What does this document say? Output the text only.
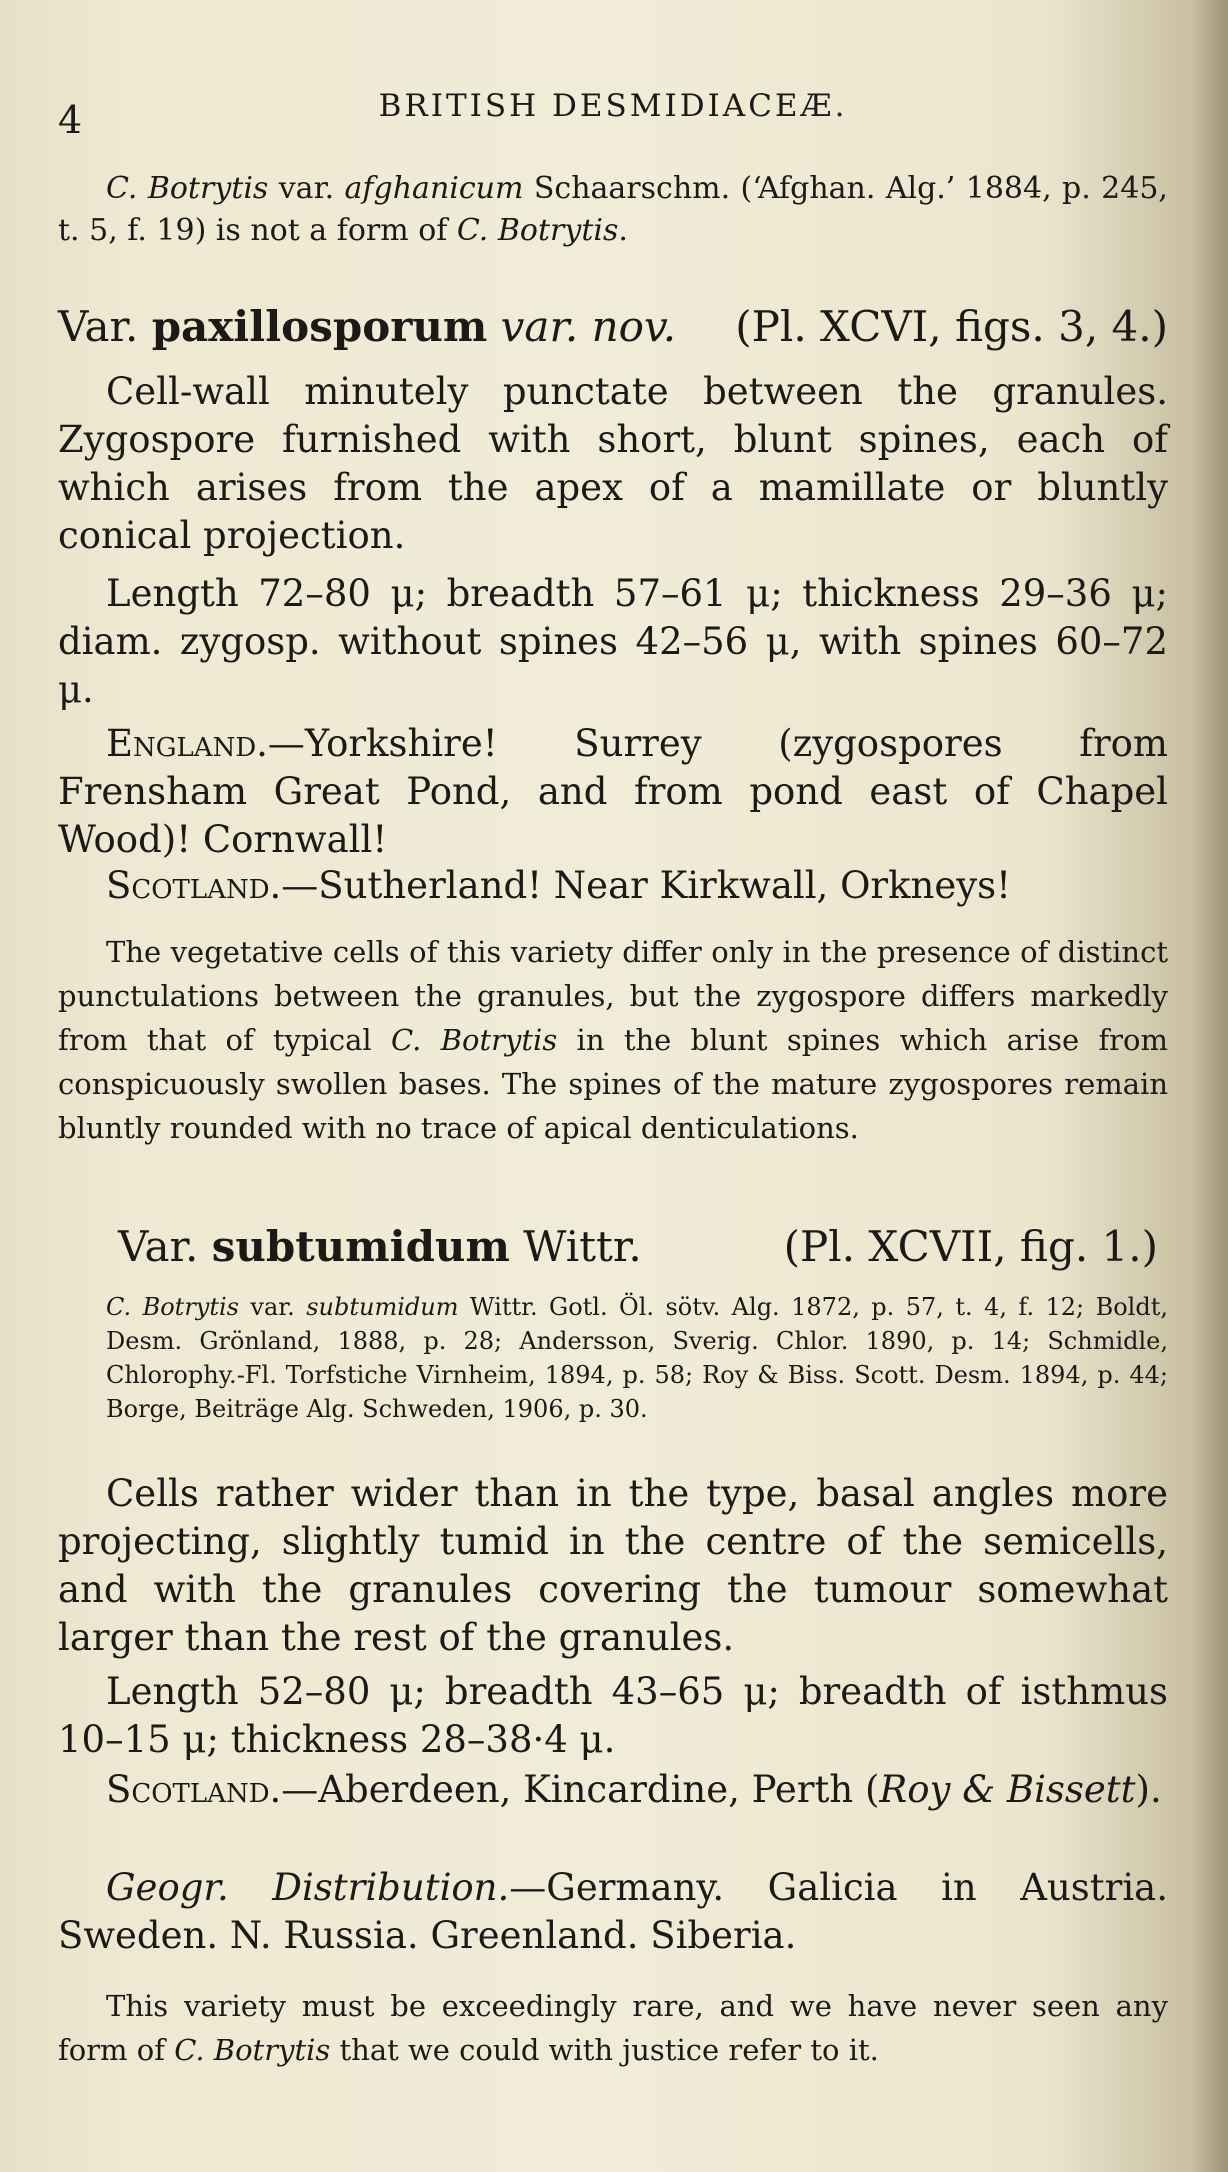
4	BRITISH DESMIDIACEÆ.
C. Botrytis var. afghanicum Schaarschm. (‘Afghan. Alg.’ 1884, p. 245, t. 5, f. 19) is not a form of C. Botrytis.
Var. paxillosporum var. nov. (Pl. XCVI, figs. 3, 4.)
Cell-wall minutely punctate between the granules. Zygospore furnished with short, blunt spines, each of which arises from the apex of a mamillate or bluntly conical projection.
Length 72–80 μ; breadth 57–61 μ; thickness 29–36 μ; diam. zygosp. without spines 42–56 μ, with spines 60–72 μ.
England.—Yorkshire! Surrey (zygospores from Frensham Great Pond, and from pond east of Chapel Wood)! Cornwall!
Scotland.—Sutherland! Near Kirkwall, Orkneys!
The vegetative cells of this variety differ only in the presence of distinct punctulations between the granules, but the zygospore differs markedly from that of typical C. Botrytis in the blunt spines which arise from conspicuously swollen bases. The spines of the mature zygospores remain bluntly rounded with no trace of apical denticulations.
Var. subtumidum Wittr.	(Pl. XCVII, fig. 1.)
C. Botrytis var. subtumidum Wittr. Gotl. Öl. sötv. Alg. 1872, p. 57, t. 4, f. 12; Boldt, Desm. Grönland, 1888, p. 28; Andersson, Sverig. Chlor. 1890, p. 14; Schmidle, Chlorophy.-Fl. Torfstiche Virnheim, 1894, p. 58; Roy & Biss. Scott. Desm. 1894, p. 44; Borge, Beiträge Alg. Schweden, 1906, p. 30.
Cells rather wider than in the type, basal angles more projecting, slightly tumid in the centre of the semicells, and with the granules covering the tumour somewhat larger than the rest of the granules.
Length 52–80 μ; breadth 43–65 μ; breadth of isthmus 10–15 μ; thickness 28–38·4 μ.
Scotland.—Aberdeen, Kincardine, Perth (Roy & Bissett).
Geogr. Distribution.—Germany. Galicia in Austria. Sweden. N. Russia. Greenland. Siberia.
This variety must be exceedingly rare, and we have never seen any form of C. Botrytis that we could with justice refer to it.
